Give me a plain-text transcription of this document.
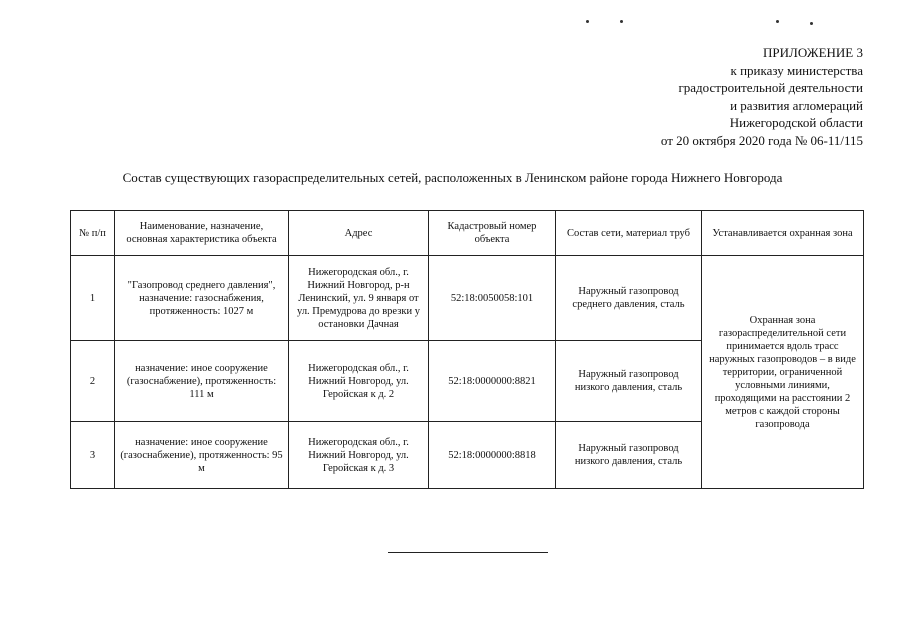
ПРИЛОЖЕНИЕ 3
к приказу министерства
градостроительной деятельности
и развития агломераций
Нижегородской области
от 20 октября 2020 года № 06-11/115
Состав существующих газораспределительных сетей, расположенных в Ленинском районе города Нижнего Новгорода
№ п/п	Наименование, назначение, основная характеристика объекта	Адрес	Кадастровый номер объекта	Состав сети, материал труб	Устанавливается охранная зона
1	"Газопровод среднего давления", назначение: газоснабжения, протяженность: 1027 м	Нижегородская обл., г. Нижний Новгород, р-н Ленинский, ул. 9 января от ул. Премудрова до врезки у остановки Дачная	52:18:0050058:101	Наружный газопровод среднего давления, сталь	Охранная зона газораспределительной сети принимается вдоль трасс наружных газопроводов – в виде территории, ограниченной условными линиями, проходящими на расстоянии 2 метров с каждой стороны газопровода
2	назначение: иное сооружение (газоснабжение), протяженность: 111 м	Нижегородская обл., г. Нижний Новгород, ул. Геройская к д. 2	52:18:0000000:8821	Наружный газопровод низкого давления, сталь	
3	назначение: иное сооружение (газоснабжение), протяженность: 95 м	Нижегородская обл., г. Нижний Новгород, ул. Геройская к д. 3	52:18:0000000:8818	Наружный газопровод низкого давления, сталь	
